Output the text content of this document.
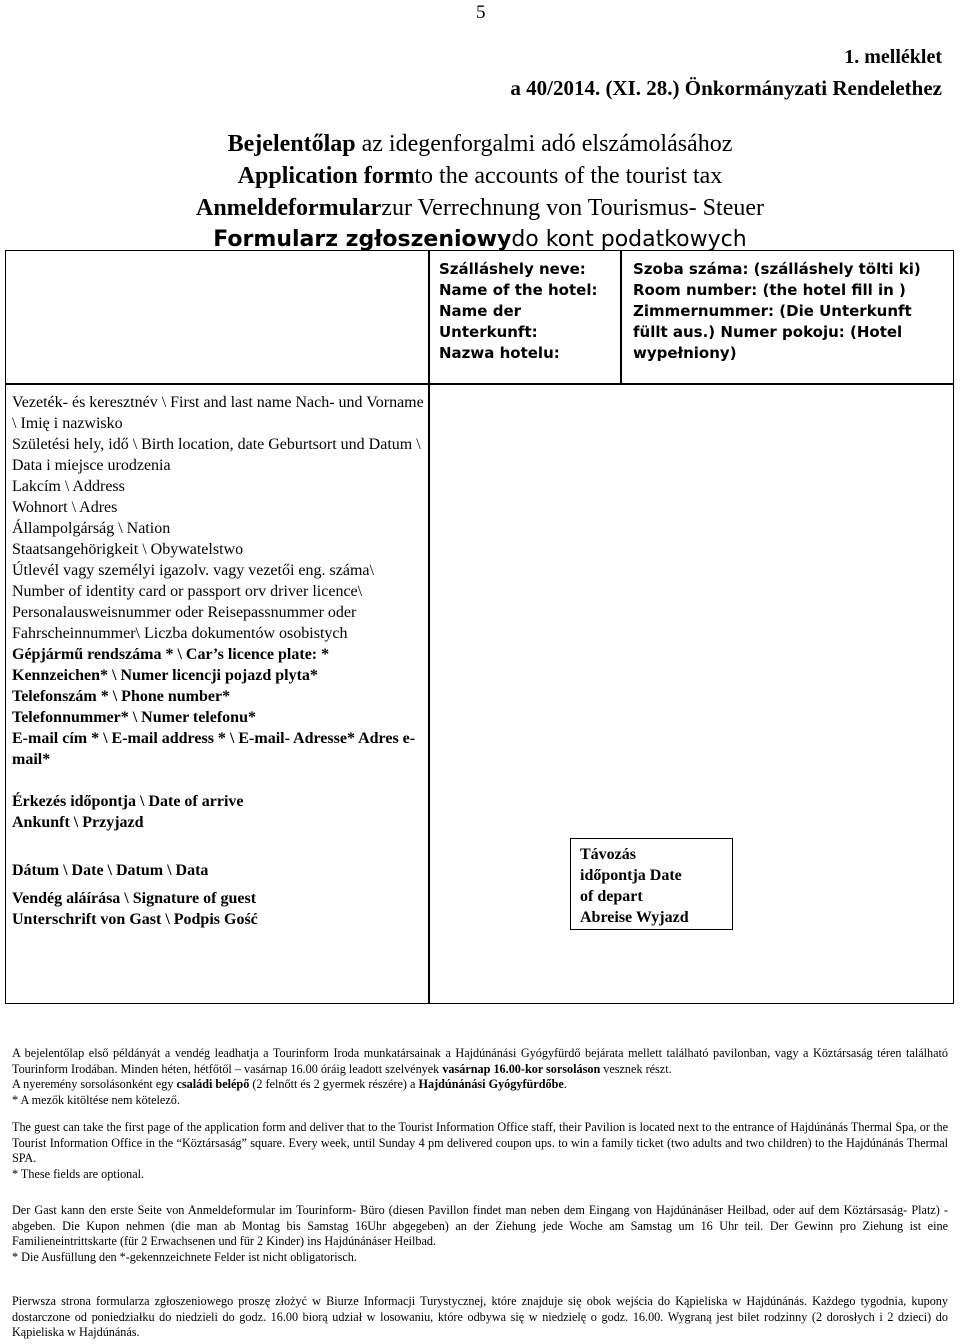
5
1. melléklet
a 40/2014. (XI. 28.) Önkormányzati Rendelethez
Bejelentőlap az idegenforgalmi adó elszámolásához
Application formto the accounts of the tourist tax
Anmeldeformularzur Verrechnung von Tourismus- Steuer
Formularz zgłoszeniowydo kont podatkowych
Szálláshely neve:
Name of the hotel:
Name der
Unterkunft:
Nazwa hotelu:
Szoba száma: (szálláshely tölti ki) Room number: (the hotel fill in ) Zimmernummer: (Die Unterkunft füllt aus.) Numer pokoju: (Hotel wypełniony)
Vezeték- és keresztnév \ First and last name Nach- und Vorname \ Imię i nazwisko
Születési hely, idő \ Birth location, date Geburtsort und Datum \ Data i miejsce urodzenia
Lakcím \ Address
Wohnort \ Adres
Állampolgárság \ Nation
Staatsangehörigkeit \ Obywatelstwo
Útlevél vagy személyi igazolv. vagy vezetői eng. száma\ Number of identity card or passport orv driver licence\ Personalausweisnummer oder Reisepassnummer oder Fahrscheinnummer\ Liczba dokumentów osobistych
Gépjármű rendszáma * \ Car’s licence plate: * Kennzeichen* \ Numer licencji pojazd plyta*
Telefonszám * \ Phone number*
Telefonnummer* \ Numer telefonu*
E-mail cím * \ E-mail address * \ E-mail- Adresse* Adres e-mail*
Érkezés időpontja \ Date of arrive
Ankunft \ Przyjazd
Dátum \ Date \ Datum \ Data
Vendég aláírása \ Signature of guest
Unterschrift von Gast \ Podpis Gość
Távozás
időpontja Date
of depart
Abreise Wyjazd

A bejelentőlap első példányát a vendég leadhatja a Tourinform Iroda munkatársainak a Hajdúnánási Gyógyfürdő bejárata mellett található pavilonban, vagy a Köztársaság téren található Tourinform Irodában. Minden héten, hétfőtől – vasárnap 16.00 óráig leadott szelvények vasárnap 16.00-kor sorsoláson vesznek részt.

A nyeremény sorsolásonként egy családi belépő (2 felnőtt és 2 gyermek részére) a Hajdúnánási Gyógyfürdőbe.

* A mezők kitöltése nem kötelező.

The guest can take the first page of the application form and deliver that to the Tourist Information Office staff, their Pavilion is located next to the entrance of Hajdúnánás Thermal Spa, or the Tourist Information Office in the “Köztársaság” square. Every week, until Sunday 4 pm delivered coupon ups. to win a family ticket (two adults and two children) to the Hajdúnánás Thermal SPA.

* These fields are optional.

Der Gast kann den erste Seite von Anmeldeformular im Tourinform- Büro (diesen Pavillon findet man neben dem Eingang von Hajdúnánáser Heilbad, oder auf dem Köztársaság- Platz) - abgeben. Die Kupon nehmen (die man ab Montag bis Samstag 16Uhr abgegeben) an der Ziehung jede Woche am Samstag um 16 Uhr teil. Der Gewinn pro Ziehung ist eine Familieneintrittskarte (für 2 Erwachsenen und für 2 Kinder) ins Hajdúnánáser Heilbad.

* Die Ausfüllung den *-gekennzeichnete Felder ist nicht obligatorisch.

Pierwsza strona formularza zgłoszeniowego proszę złożyć w Biurze Informacji Turystycznej, które znajduje się obok wejścia do Kąpieliska w Hajdúnánás. Każdego tygodnia, kupony dostarczone od poniedziałku do niedzieli do godz. 16.00 biorą udział w losowaniu, które odbywa się w niedzielę o godz. 16.00. Wygraną jest bilet rodzinny (2 dorosłych i 2 dzieci) do Kąpieliska w Hajdúnánás.
